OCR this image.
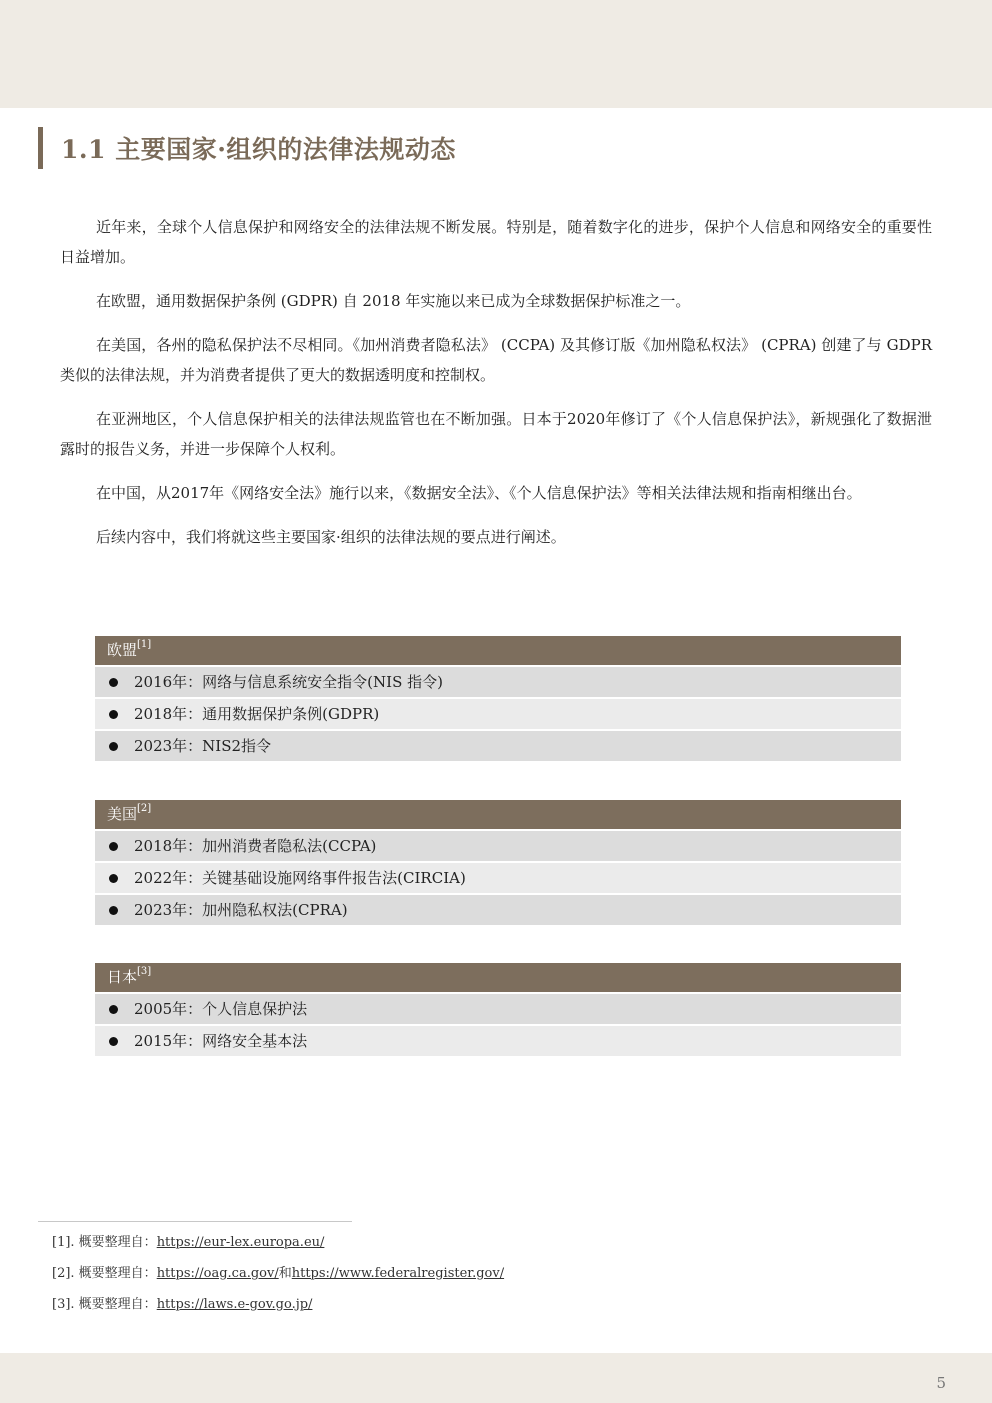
1.1 主要国家·组织的法律法规动态

近年来，全球个人信息保护和网络安全的法律法规不断发展。特别是，随着数字化的进步，保护个人信息和网络安全的重要性日益增加。

在欧盟，通用数据保护条例 (GDPR) 自 2018 年实施以来已成为全球数据保护标准之一。

在美国，各州的隐私保护法不尽相同。《加州消费者隐私法》 (CCPA) 及其修订版《加州隐私权法》 (CPRA) 创建了与 GDPR 类似的法律法规，并为消费者提供了更大的数据透明度和控制权。

在亚洲地区，个人信息保护相关的法律法规监管也在不断加强。日本于2020年修订了《个人信息保护法》，新规强化了数据泄露时的报告义务，并进一步保障个人权利。

在中国，从2017年《网络安全法》施行以来，《数据安全法》、《个人信息保护法》等相关法律法规和指南相继出台。

后续内容中，我们将就这些主要国家·组织的法律法规的要点进行阐述。

欧盟[1]
2016年：网络与信息系统安全指令(NIS 指令)
2018年：通用数据保护条例(GDPR)
2023年：NIS2指令
美国[2]
2018年：加州消费者隐私法(CCPA)
2022年：关键基础设施网络事件报告法(CIRCIA)
2023年：加州隐私权法(CPRA)
日本[3]
2005年：个人信息保护法
2015年：网络安全基本法
[1]. 概要整理自：https://eur-lex.europa.eu/
[2]. 概要整理自：https://oag.ca.gov/和https://www.federalregister.gov/
[3]. 概要整理自：https://laws.e-gov.go.jp/
5
